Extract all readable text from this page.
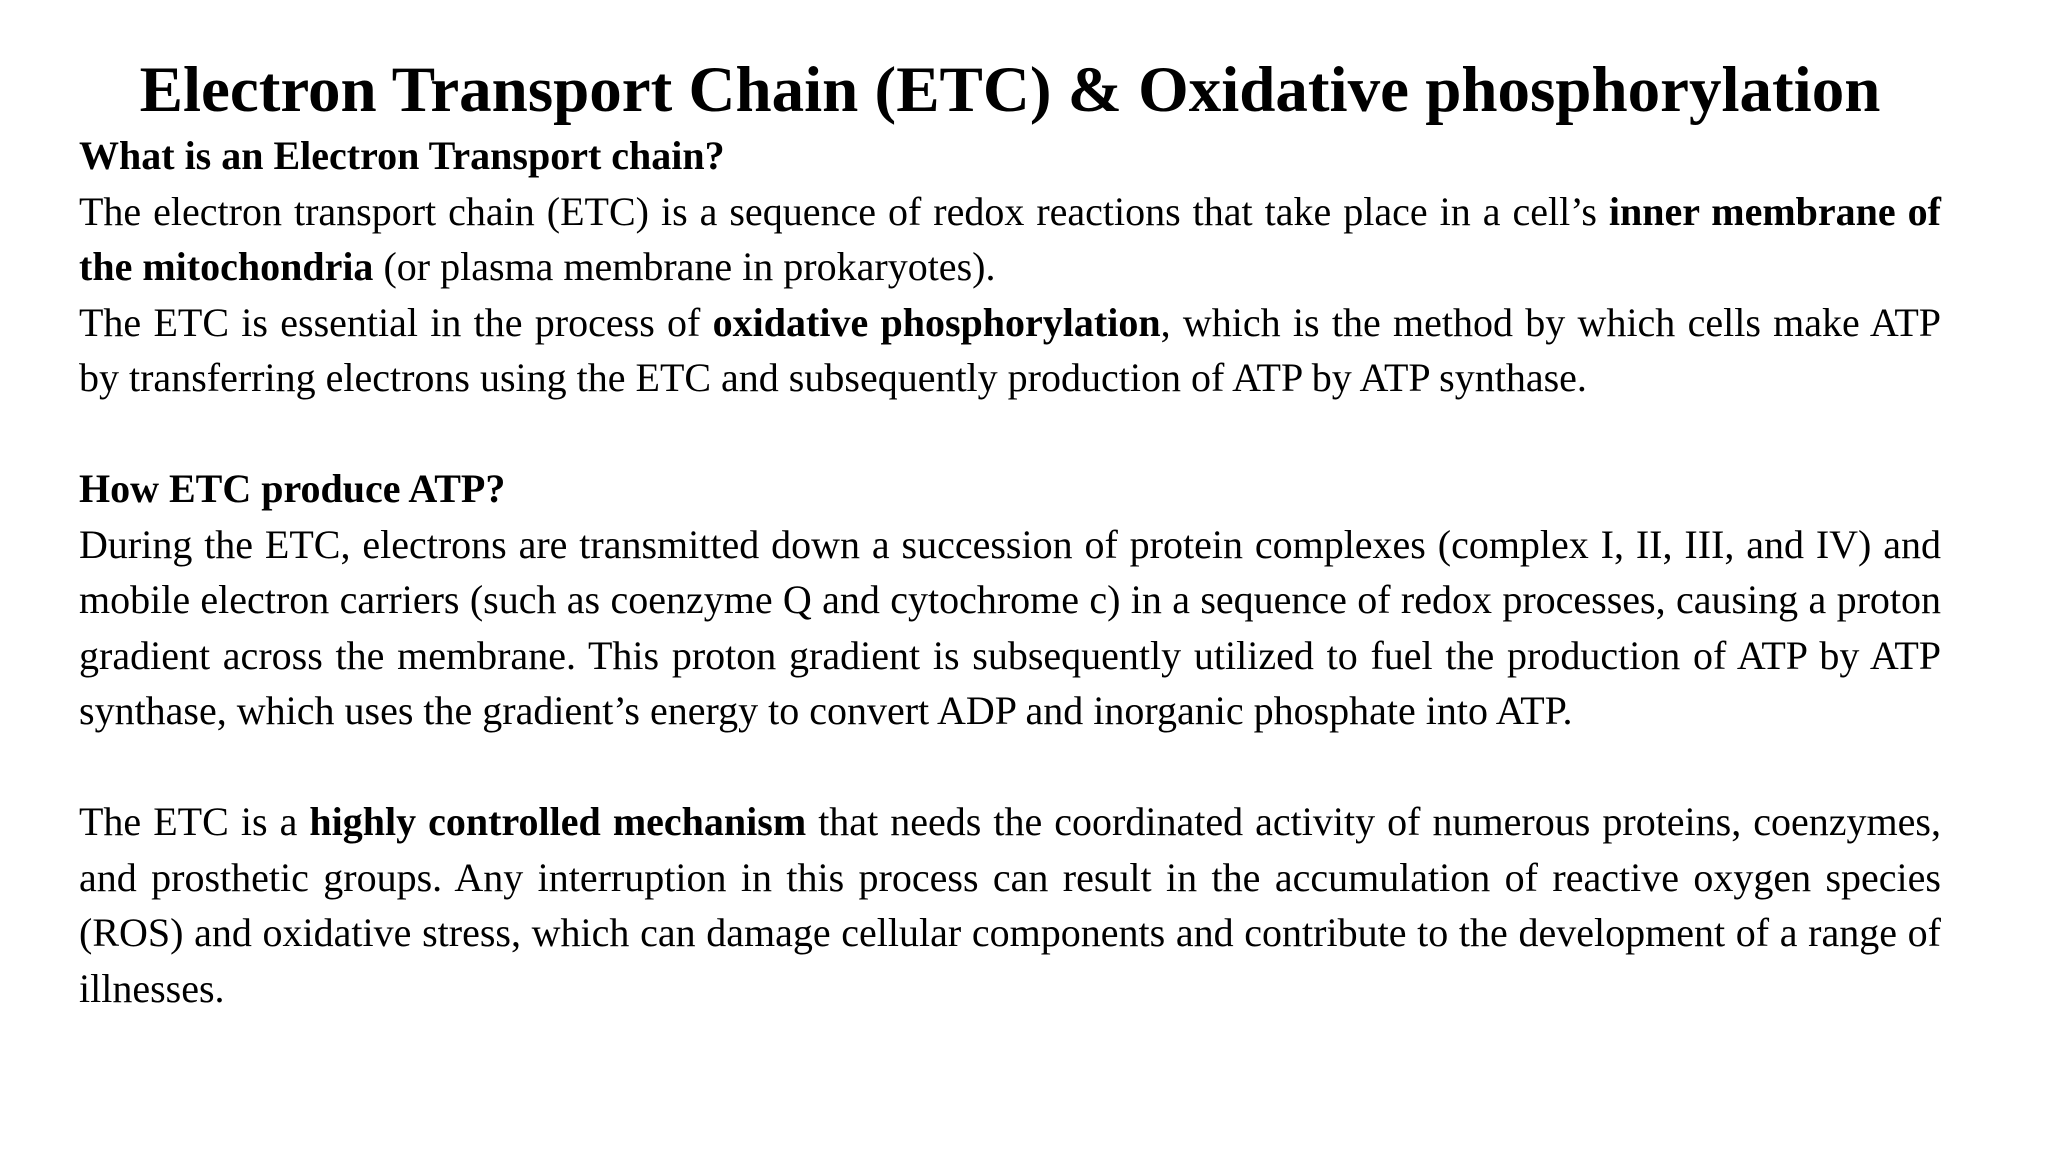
Electron Transport Chain (ETC) & Oxidative phosphorylation
What is an Electron Transport chain?

The electron transport chain (ETC) is a sequence of redox reactions that take place in a cell’s inner membrane of the mitochondria (or plasma membrane in prokaryotes).

The ETC is essential in the process of oxidative phosphorylation, which is the method by which cells make ATP by transferring electrons using the ETC and subsequently production of ATP by ATP synthase.

How ETC produce ATP?

During the ETC, electrons are transmitted down a succession of protein complexes (complex I, II, III, and IV) and mobile electron carriers (such as coenzyme Q and cytochrome c) in a sequence of redox processes, causing a proton gradient across the membrane. This proton gradient is subsequently utilized to fuel the production of ATP by ATP synthase, which uses the gradient’s energy to convert ADP and inorganic phosphate into ATP.

The ETC is a highly controlled mechanism that needs the coordinated activity of numerous proteins, coenzymes, and prosthetic groups. Any interruption in this process can result in the accumulation of reactive oxygen species (ROS) and oxidative stress, which can damage cellular components and contribute to the development of a range of illnesses.
